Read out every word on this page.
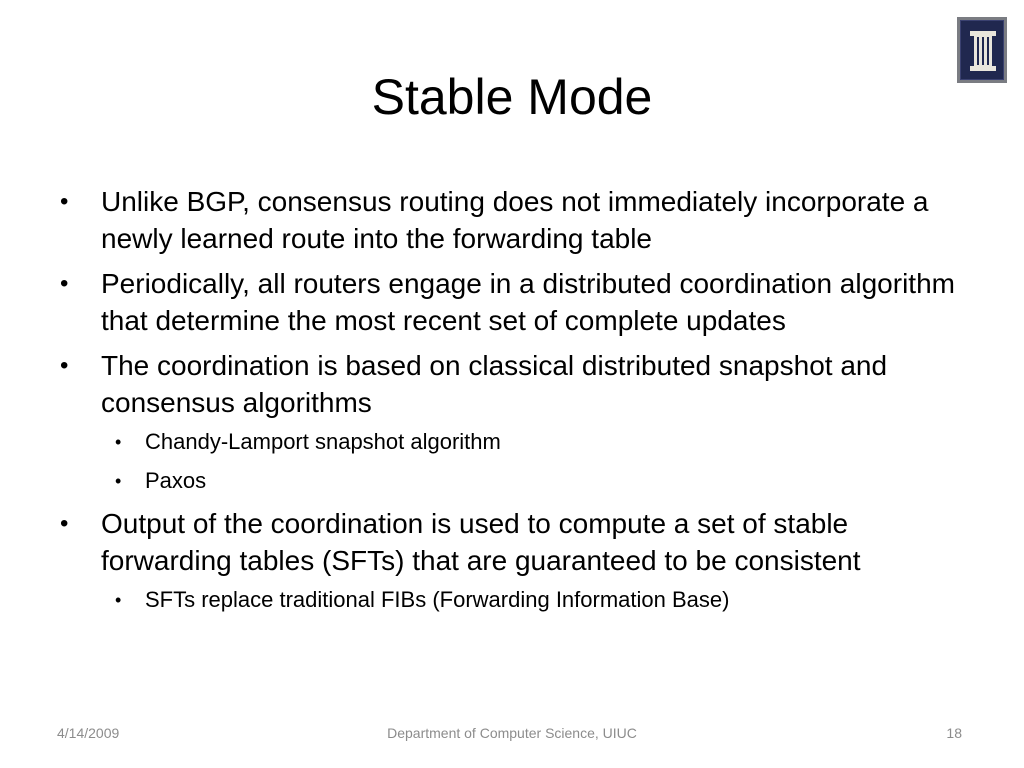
Stable Mode
• Unlike BGP, consensus routing does not immediately incorporate a newly learned route into the forwarding table
• Periodically, all routers engage in a distributed coordination algorithm that determine the most recent set of complete updates
• The coordination is based on classical distributed snapshot and consensus algorithms
• Chandy-Lamport snapshot algorithm
• Paxos
• Output of the coordination is used to compute a set of stable forwarding tables (SFTs) that are guaranteed to be consistent
• SFTs replace traditional FIBs (Forwarding Information Base)
4/14/2009	Department of Computer Science, UIUC	18
